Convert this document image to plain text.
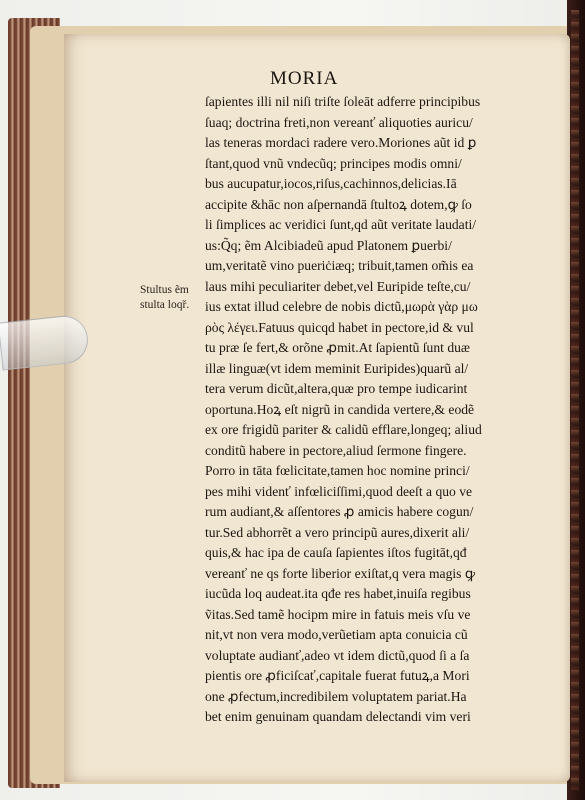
MORIA
Stultus ẽm
stulta loqř.
ſapientes illi nil niſi triſte ſoleāt adferre principibus
ſuaq; doctrina freti,non vereanť aliquoties auricu/
las teneras mordaci radere vero.Moriones aũt id ꝑ
ſtant,quod vnũ vndecũq; principes modis omni/
bus aucupatur,iocos,riſus,cachinnos,delicias.Iā
accipite &hāc non aſpernandā ſtultoꝝ dotem,ꝙ ſo
li ſimplices ac veridici ſunt,qd aũt veritate laudati/
us:Q̃q; ẽm Alcibiadeũ apud Platonem ꝑuerbi/
um,veritatẽ vino pueriċiæq; tribuit,tamen om̃is ea
laus mihi peculiariter debet,vel Euripide teſte,cu/
ius extat illud celebre de nobis dictũ,μωρὰ γὰρ μω
ρὸς λέγει.Fatuus quicqd habet in pectore,id & vul
tu præ ſe fert,& orõne ꝓmit.At ſapientũ ſunt duæ
illæ linguæ(vt idem meminit Euripides)quarũ al/
tera verum dicũt,altera,quæ pro tempe iudicarint
oportuna.Hoꝝ eſt nigrũ in candida vertere,& eodẽ
ex ore frigidũ pariter & calidũ efflare,longeq; aliud
conditũ habere in pectore,aliud ſermone fingere.
Porro in tāta fœlicitate,tamen hoc nomine princi/
pes mihi videnť infœliciſſimi,quod deeſt a quo ve
rum audiant,& aſſentores ꝓ amicis habere cogun/
tur.Sed abhorrẽt a vero principũ aures,dixerit ali/
quis,& hac ipa de cauſa ſapientes iſtos fugitāt,qđ
vereanť ne qs forte liberior exiſtat,q vera magis ꝙ
iucũda loq audeat.ita qđe res habet,inuiſa regibus
ṽitas.Sed tamẽ hocipm mire in fatuis meis vſu ve
nit,vt non vera modo,verũetiam apta conuicia cũ
voluptate audianť,adeo vt idem dictũ,quod ſi a ſa
pientis ore ꝓficiſcať,capitale fuerat futuꝝ,a Mori
one ꝓfectum,incredibilem voluptatem pariat.Ha
bet enim genuinam quandam delectandi vim veri
